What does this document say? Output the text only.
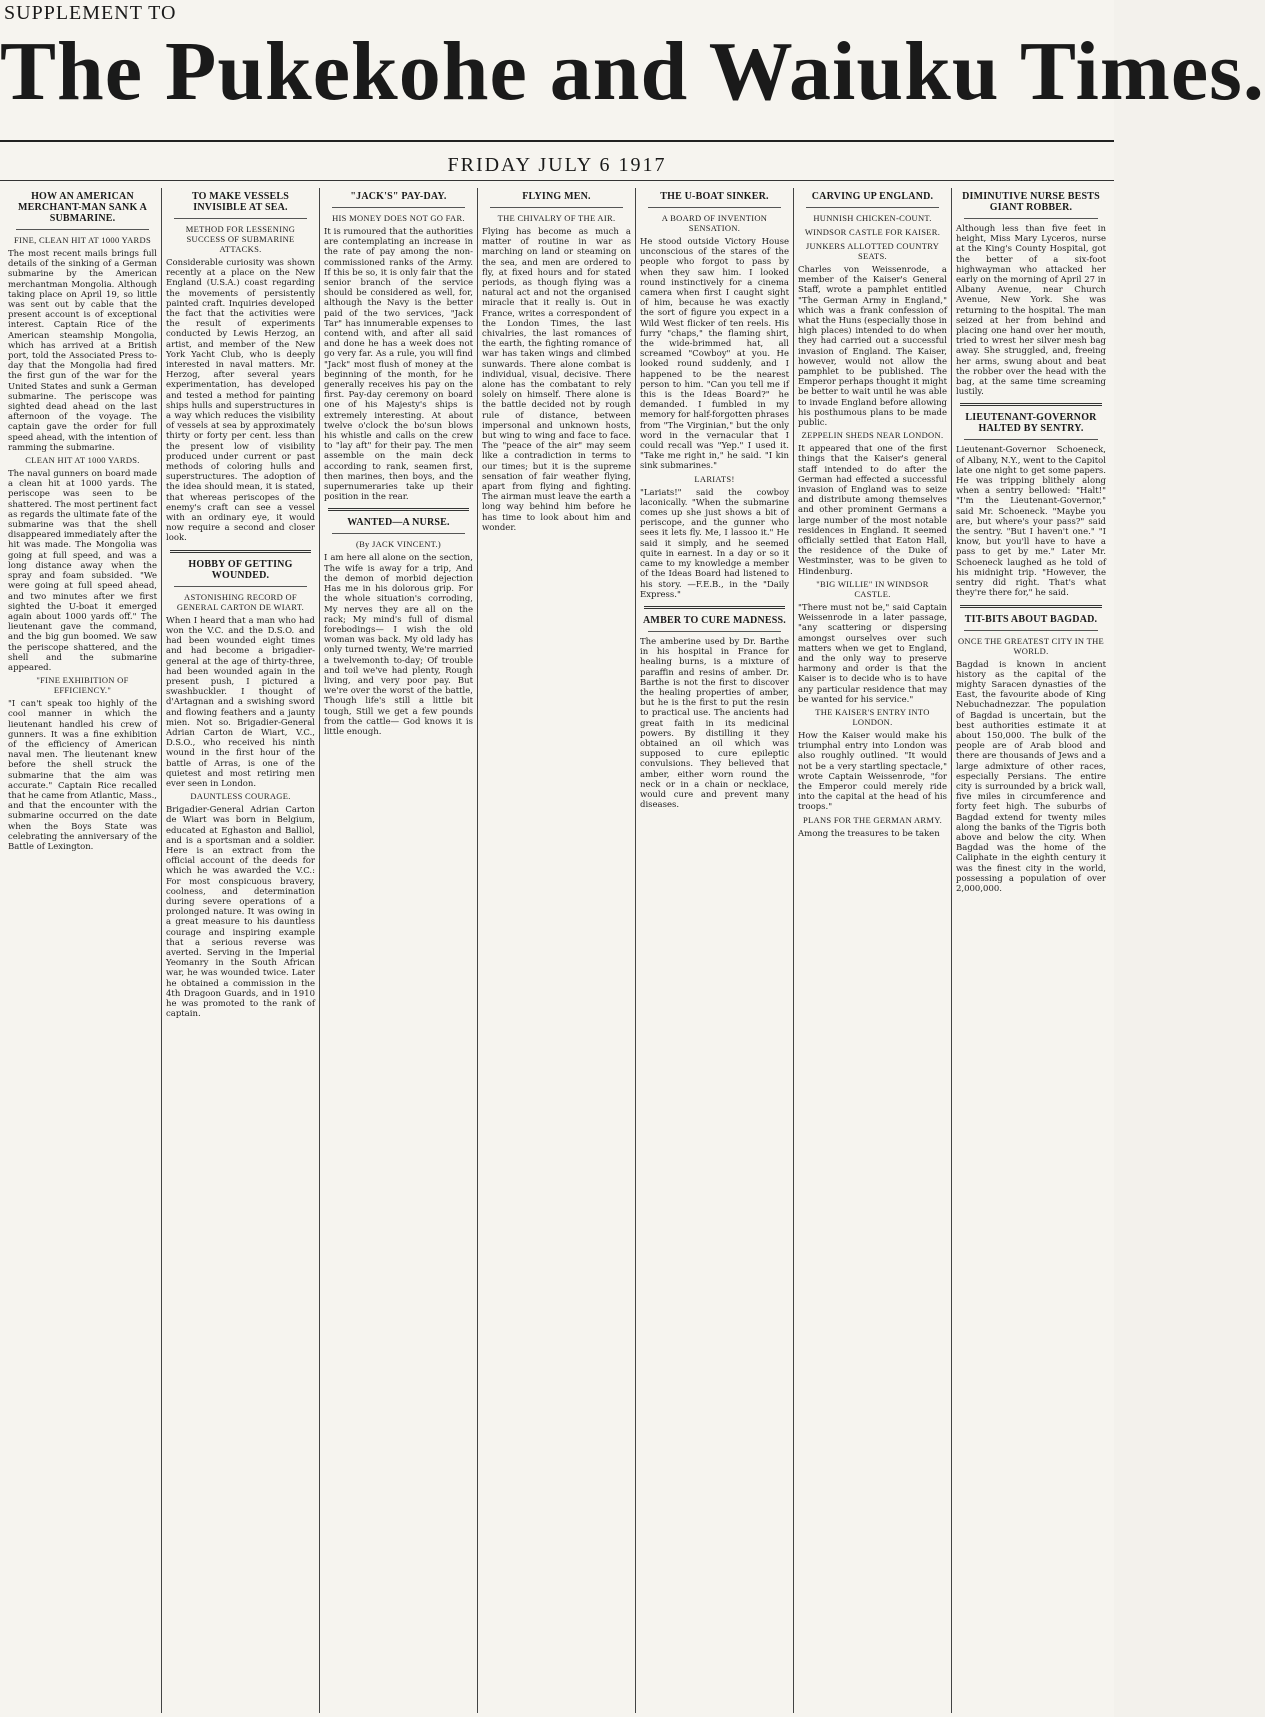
SUPPLEMENT TO
The Pukekohe and Waiuku Times.
FRIDAY JULY 6 1917
HOW AN AMERICAN MERCHANT-MAN SANK A SUBMARINE.
FINE, CLEAN HIT AT 1000 YARDS
The most recent mails brings full details of the sinking of a German submarine by the American merchantman Mongolia. Although taking place on April 19, so little was sent out by cable that the present account is of exceptional interest. Captain Rice of the American steamship Mongolia, which has arrived at a British port, told the Associated Press to-day that the Mongolia had fired the first gun of the war for the United States and sunk a German submarine. The periscope was sighted dead ahead on the last afternoon of the voyage. The captain gave the order for full speed ahead, with the intention of ramming the submarine.
CLEAN HIT AT 1000 YARDS.
The naval gunners on board made a clean hit at 1000 yards. The periscope was seen to be shattered. The most pertinent fact as regards the ultimate fate of the submarine was that the shell disappeared immediately after the hit was made. The Mongolia was going at full speed, and was a long distance away when the spray and foam subsided. "We were going at full speed ahead, and two minutes after we first sighted the U-boat it emerged again about 1000 yards off." The lieutenant gave the command, and the big gun boomed. We saw the periscope shattered, and the shell and the submarine appeared.
"FINE EXHIBITION OF EFFICIENCY."
"I can't speak too highly of the cool manner in which the lieutenant handled his crew of gunners. It was a fine exhibition of the efficiency of American naval men. The lieutenant knew before the shell struck the submarine that the aim was accurate." Captain Rice recalled that he came from Atlantic, Mass., and that the encounter with the submarine occurred on the date when the Boys State was celebrating the anniversary of the Battle of Lexington.
TO MAKE VESSELS INVISIBLE AT SEA.
METHOD FOR LESSENING SUCCESS OF SUBMARINE ATTACKS.
Considerable curiosity was shown recently at a place on the New England (U.S.A.) coast regarding the movements of persistently painted craft. Inquiries developed the fact that the activities were the result of experiments conducted by Lewis Herzog, an artist, and member of the New York Yacht Club, who is deeply interested in naval matters. Mr. Herzog, after several years experimentation, has developed and tested a method for painting ships hulls and superstructures in a way which reduces the visibility of vessels at sea by approximately thirty or forty per cent. less than the present low of visibility produced under current or past methods of coloring hulls and superstructures. The adoption of the idea should mean, it is stated, that whereas periscopes of the enemy's craft can see a vessel with an ordinary eye, it would now require a second and closer look.
HOBBY OF GETTING WOUNDED.
ASTONISHING RECORD OF GENERAL CARTON DE WIART.
When I heard that a man who had won the V.C. and the D.S.O. and had been wounded eight times and had become a brigadier-general at the age of thirty-three, had been wounded again in the present push, I pictured a swashbuckler. I thought of d'Artagnan and a swishing sword and flowing feathers and a jaunty mien. Not so. Brigadier-General Adrian Carton de Wiart, V.C., D.S.O., who received his ninth wound in the first hour of the battle of Arras, is one of the quietest and most retiring men ever seen in London.
DAUNTLESS COURAGE.
Brigadier-General Adrian Carton de Wiart was born in Belgium, educated at Eghaston and Balliol, and is a sportsman and a soldier. Here is an extract from the official account of the deeds for which he was awarded the V.C.: For most conspicuous bravery, coolness, and determination during severe operations of a prolonged nature. It was owing in a great measure to his dauntless courage and inspiring example that a serious reverse was averted. Serving in the Imperial Yeomanry in the South African war, he was wounded twice. Later he obtained a commission in the 4th Dragoon Guards, and in 1910 he was promoted to the rank of captain.
"JACK'S" PAY-DAY.
HIS MONEY DOES NOT GO FAR.
It is rumoured that the authorities are contemplating an increase in the rate of pay among the non-commissioned ranks of the Army. If this be so, it is only fair that the senior branch of the service should be considered as well, for, although the Navy is the better paid of the two services, "Jack Tar" has innumerable expenses to contend with, and after all said and done he has a week does not go very far. As a rule, you will find "Jack" most flush of money at the beginning of the month, for he generally receives his pay on the first. Pay-day ceremony on board one of his Majesty's ships is extremely interesting. At about twelve o'clock the bo'sun blows his whistle and calls on the crew to "lay aft" for their pay. The men assemble on the main deck according to rank, seamen first, then marines, then boys, and the supernumeraries take up their position in the rear.
WANTED—A NURSE.
(By JACK VINCENT.)
I am here all alone on the section, The wife is away for a trip, And the demon of morbid dejection Has me in his dolorous grip. For the whole situation's corroding, My nerves they are all on the rack; My mind's full of dismal forebodings— I wish the old woman was back. My old lady has only turned twenty, We're married a twelvemonth to-day; Of trouble and toil we've had plenty, Rough living, and very poor pay. But we're over the worst of the battle, Though life's still a little bit tough, Still we get a few pounds from the cattle— God knows it is little enough.
FLYING MEN.
THE CHIVALRY OF THE AIR.
Flying has become as much a matter of routine in war as marching on land or steaming on the sea, and men are ordered to fly, at fixed hours and for stated periods, as though flying was a natural act and not the organised miracle that it really is. Out in France, writes a correspondent of the London Times, the last chivalries, the last romances of the earth, the fighting romance of war has taken wings and climbed sunwards. There alone combat is individual, visual, decisive. There alone has the combatant to rely solely on himself. There alone is the battle decided not by rough rule of distance, between impersonal and unknown hosts, but wing to wing and face to face. The "peace of the air" may seem like a contradiction in terms to our times; but it is the supreme sensation of fair weather flying, apart from flying and fighting. The airman must leave the earth a long way behind him before he has time to look about him and wonder.
THE U-BOAT SINKER.
A BOARD OF INVENTION SENSATION.
He stood outside Victory House unconscious of the stares of the people who forgot to pass by when they saw him. I looked round instinctively for a cinema camera when first I caught sight of him, because he was exactly the sort of figure you expect in a Wild West flicker of ten reels. His furry "chaps," the flaming shirt, the wide-brimmed hat, all screamed "Cowboy" at you. He looked round suddenly, and I happened to be the nearest person to him. "Can you tell me if this is the Ideas Board?" he demanded. I fumbled in my memory for half-forgotten phrases from "The Virginian," but the only word in the vernacular that I could recall was "Yep." I used it. "Take me right in," he said. "I kin sink submarines."
LARIATS!
"Lariats!" said the cowboy laconically. "When the submarine comes up she just shows a bit of periscope, and the gunner who sees it lets fly. Me, I lassoo it." He said it simply, and he seemed quite in earnest. In a day or so it came to my knowledge a member of the Ideas Board had listened to his story. —F.E.B., in the "Daily Express."
AMBER TO CURE MADNESS.
The amberine used by Dr. Barthe in his hospital in France for healing burns, is a mixture of paraffin and resins of amber. Dr. Barthe is not the first to discover the healing properties of amber, but he is the first to put the resin to practical use. The ancients had great faith in its medicinal powers. By distilling it they obtained an oil which was supposed to cure epileptic convulsions. They believed that amber, either worn round the neck or in a chain or necklace, would cure and prevent many diseases.
CARVING UP ENGLAND.
HUNNISH CHICKEN-COUNT.
WINDSOR CASTLE FOR KAISER.
JUNKERS ALLOTTED COUNTRY SEATS.
Charles von Weissenrode, a member of the Kaiser's General Staff, wrote a pamphlet entitled "The German Army in England," which was a frank confession of what the Huns (especially those in high places) intended to do when they had carried out a successful invasion of England. The Kaiser, however, would not allow the pamphlet to be published. The Emperor perhaps thought it might be better to wait until he was able to invade England before allowing his posthumous plans to be made public.
ZEPPELIN SHEDS NEAR LONDON.
It appeared that one of the first things that the Kaiser's general staff intended to do after the German had effected a successful invasion of England was to seize and distribute among themselves and other prominent Germans a large number of the most notable residences in England. It seemed officially settled that Eaton Hall, the residence of the Duke of Westminster, was to be given to Hindenburg.
"BIG WILLIE" IN WINDSOR CASTLE.
"There must not be," said Captain Weissenrode in a later passage, "any scattering or dispersing amongst ourselves over such matters when we get to England, and the only way to preserve harmony and order is that the Kaiser is to decide who is to have any particular residence that may be wanted for his service."
THE KAISER'S ENTRY INTO LONDON.
How the Kaiser would make his triumphal entry into London was also roughly outlined. "It would not be a very startling spectacle," wrote Captain Weissenrode, "for the Emperor could merely ride into the capital at the head of his troops."
PLANS FOR THE GERMAN ARMY.
Among the treasures to be taken
DIMINUTIVE NURSE BESTS GIANT ROBBER.
Although less than five feet in height, Miss Mary Lyceros, nurse at the King's County Hospital, got the better of a six-foot highwayman who attacked her early on the morning of April 27 in Albany Avenue, near Church Avenue, New York. She was returning to the hospital. The man seized at her from behind and placing one hand over her mouth, tried to wrest her silver mesh bag away. She struggled, and, freeing her arms, swung about and beat the robber over the head with the bag, at the same time screaming lustily.
LIEUTENANT-GOVERNOR HALTED BY SENTRY.
Lieutenant-Governor Schoeneck, of Albany, N.Y., went to the Capitol late one night to get some papers. He was tripping blithely along when a sentry bellowed: "Halt!" "I'm the Lieutenant-Governor," said Mr. Schoeneck. "Maybe you are, but where's your pass?" said the sentry. "But I haven't one." "I know, but you'll have to have a pass to get by me." Later Mr. Schoeneck laughed as he told of his midnight trip. "However, the sentry did right. That's what they're there for," he said.
TIT-BITS ABOUT BAGDAD.
ONCE THE GREATEST CITY IN THE WORLD.
Bagdad is known in ancient history as the capital of the mighty Saracen dynasties of the East, the favourite abode of King Nebuchadnezzar. The population of Bagdad is uncertain, but the best authorities estimate it at about 150,000. The bulk of the people are of Arab blood and there are thousands of Jews and a large admixture of other races, especially Persians. The entire city is surrounded by a brick wall, five miles in circumference and forty feet high. The suburbs of Bagdad extend for twenty miles along the banks of the Tigris both above and below the city. When Bagdad was the home of the Caliphate in the eighth century it was the finest city in the world, possessing a population of over 2,000,000.
